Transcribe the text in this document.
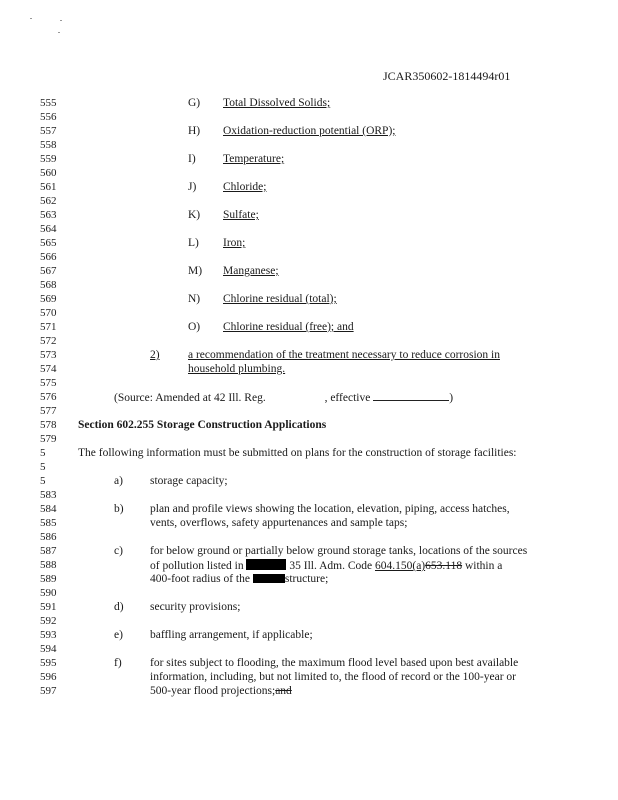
JCAR350602-1814494r01
555
556
557
558
559
560
561
562
563
564
565
566
567
568
569
570
571
572
573
574
575
576
577
578
579
5
5
5
583
584
585
586
587
588
589
590
591
592
593
594
595
596
597
G) Total Dissolved Solids;
H) Oxidation-reduction potential (ORP);
I) Temperature;
J) Chloride;
K) Sulfate;
L) Iron;
M) Manganese;
N) Chlorine residual (total);
O) Chlorine residual (free); and
2) a recommendation of the treatment necessary to reduce corrosion in
household plumbing.
(Source: Amended at 42 Ill. Reg.	, effective	)
Section 602.255 Storage Construction Applications
The following information must be submitted on plans for the construction of storage facilities:
a) storage capacity;
b) plan and profile views showing the location, elevation, piping, access hatches,
vents, overflows, safety appurtenances and sample taps;
c) for below ground or partially below ground storage tanks, locations of the sources
of pollution listed in	35 Ill. Adm. Code 604.150(a)653.118 within a
400-foot radius of the	structure;
d) security provisions;
e) baffling arrangement, if applicable;
f) for sites subject to flooding, the maximum flood level based upon best available
information, including, but not limited to, the flood of record or the 100-year or
500-year flood projections;and
